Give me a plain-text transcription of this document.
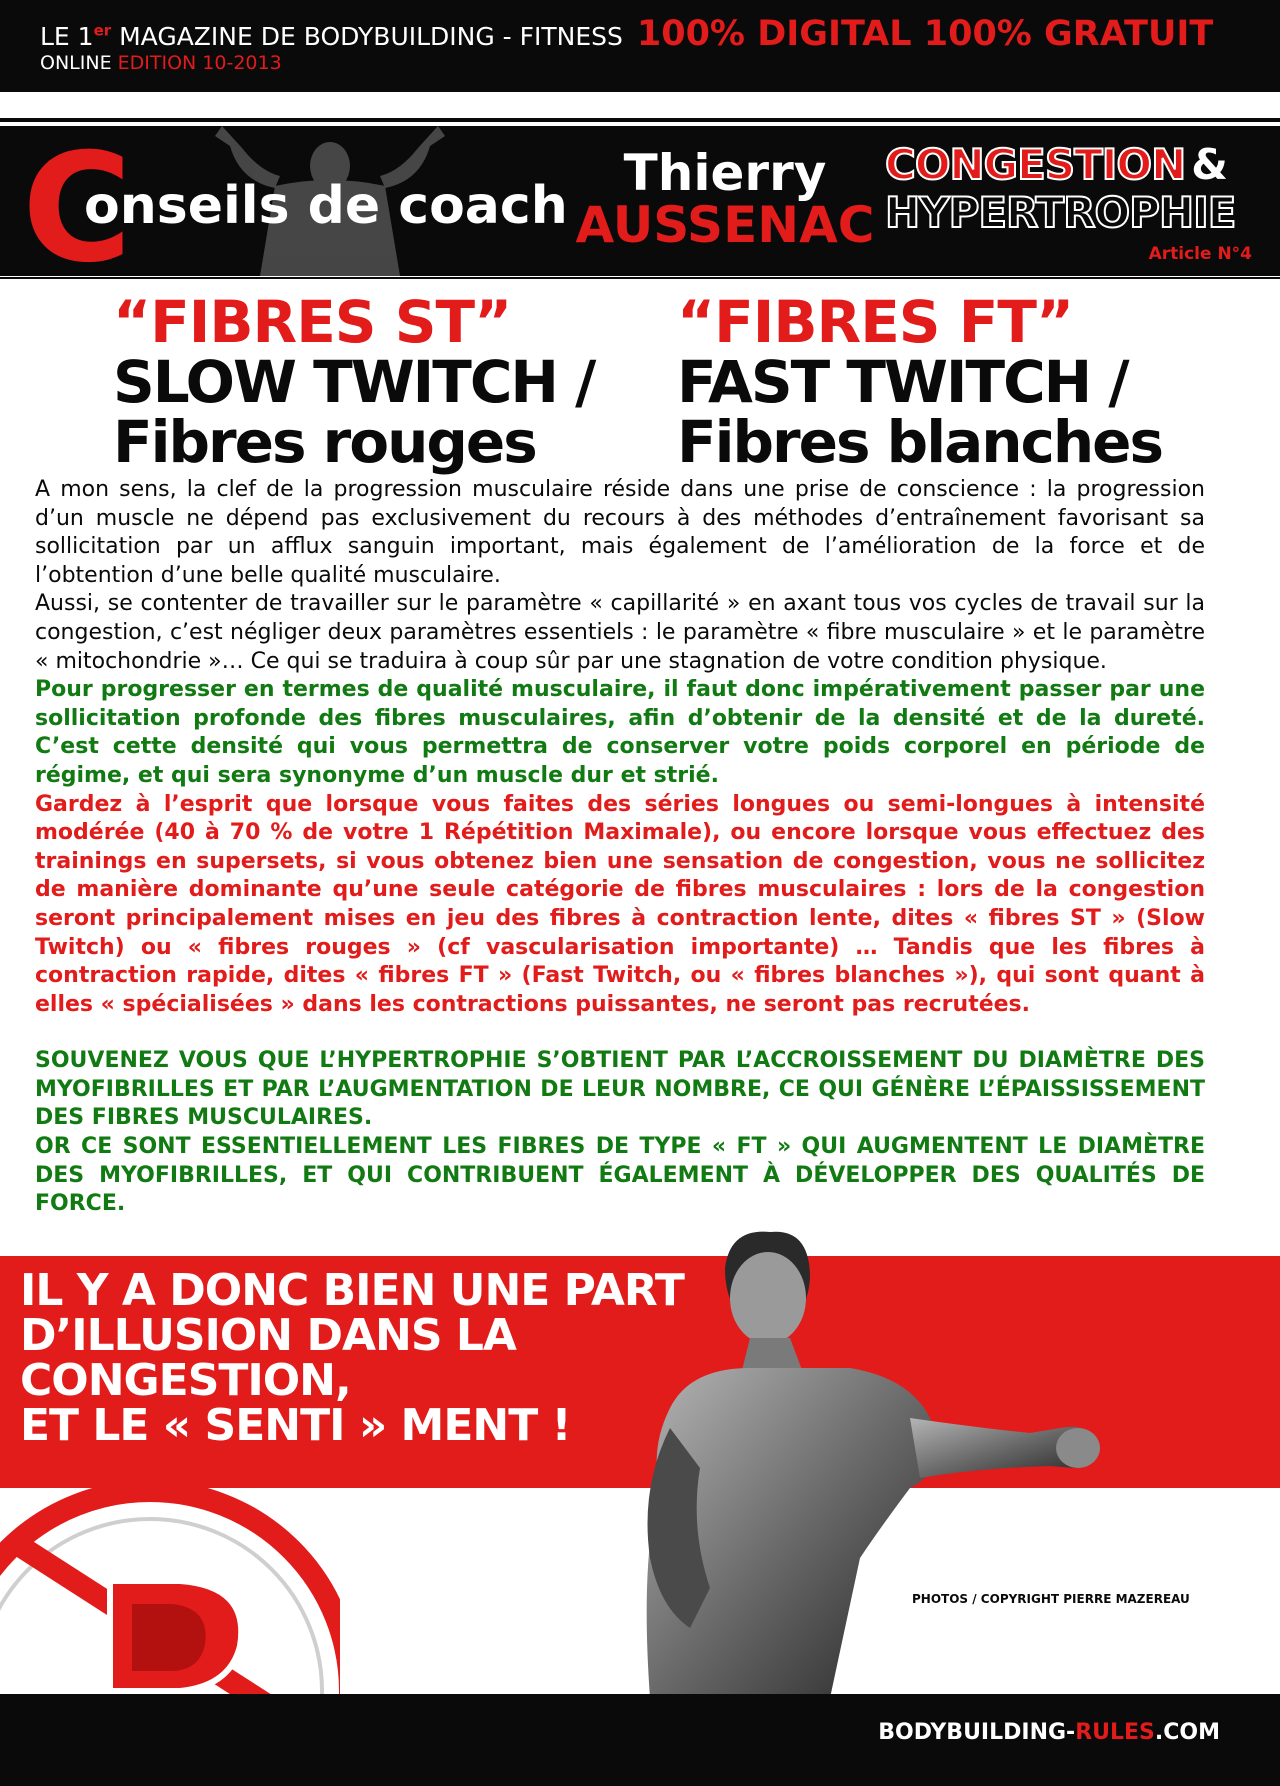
LE 1er MAGAZINE DE BODYBUILDING - FITNESS 100% DIGITAL 100% GRATUIT
ONLINE EDITION 10-2013
C
onseils de coach
Thierry
AUSSENAC
CONGESTION &
HYPERTROPHIE
Article N°4
“FIBRES ST”
SLOW TWITCH /
Fibres rouges
“FIBRES FT”
FAST TWITCH /
Fibres blanches

A mon sens, la clef de la progression musculaire réside dans une prise de conscience : la progression d’un muscle ne dépend pas exclusivement du recours à des méthodes d’entraînement favorisant sa sollicitation par un afflux sanguin important, mais également de l’amélioration de la force et de l’obtention d’une belle qualité musculaire.

Aussi, se contenter de travailler sur le paramètre « capillarité » en axant tous vos cycles de travail sur la congestion, c’est négliger deux paramètres essentiels : le paramètre « fibre musculaire » et le paramètre « mitochondrie »… Ce qui se traduira à coup sûr par une stagnation de votre condition physique.

Pour progresser en termes de qualité musculaire, il faut donc impérativement passer par une sollicitation profonde des fibres musculaires, afin d’obtenir de la densité et de la dureté. C’est cette densité qui vous permettra de conserver votre poids corporel en période de régime, et qui sera synonyme d’un muscle dur et strié.

Gardez à l’esprit que lorsque vous faites des séries longues ou semi-longues à intensité modérée (40 à 70 % de votre 1 Répétition Maximale), ou encore lorsque vous effectuez des trainings en supersets, si vous obtenez bien une sensation de congestion, vous ne sollicitez de manière dominante qu’une seule catégorie de fibres musculaires : lors de la congestion seront principalement mises en jeu des fibres à contraction lente, dites « fibres ST » (Slow Twitch) ou « fibres rouges » (cf vascularisation importante) … Tandis que les fibres à contraction rapide, dites « fibres FT » (Fast Twitch, ou « fibres blanches »), qui sont quant à elles « spécialisées » dans les contractions puissantes, ne seront pas recrutées.

SOUVENEZ VOUS QUE L’HYPERTROPHIE S’OBTIENT PAR L’ACCROISSEMENT DU DIAMÈTRE DES MYOFIBRILLES ET PAR L’AUGMENTATION DE LEUR NOMBRE, CE QUI GÉNÈRE L’ÉPAISSISSEMENT DES FIBRES MUSCULAIRES.

OR CE SONT ESSENTIELLEMENT LES FIBRES DE TYPE « FT » QUI AUGMENTENT LE DIAMÈTRE DES MYOFIBRILLES, ET QUI CONTRIBUENT ÉGALEMENT À DÉVELOPPER DES QUALITÉS DE FORCE.

IL Y A DONC BIEN UNE PART
D’ILLUSION DANS LA
CONGESTION,
ET LE « SENTI » MENT !
PHOTOS / COPYRIGHT PIERRE MAZEREAU
BODYBUILDING-RULES.COM
